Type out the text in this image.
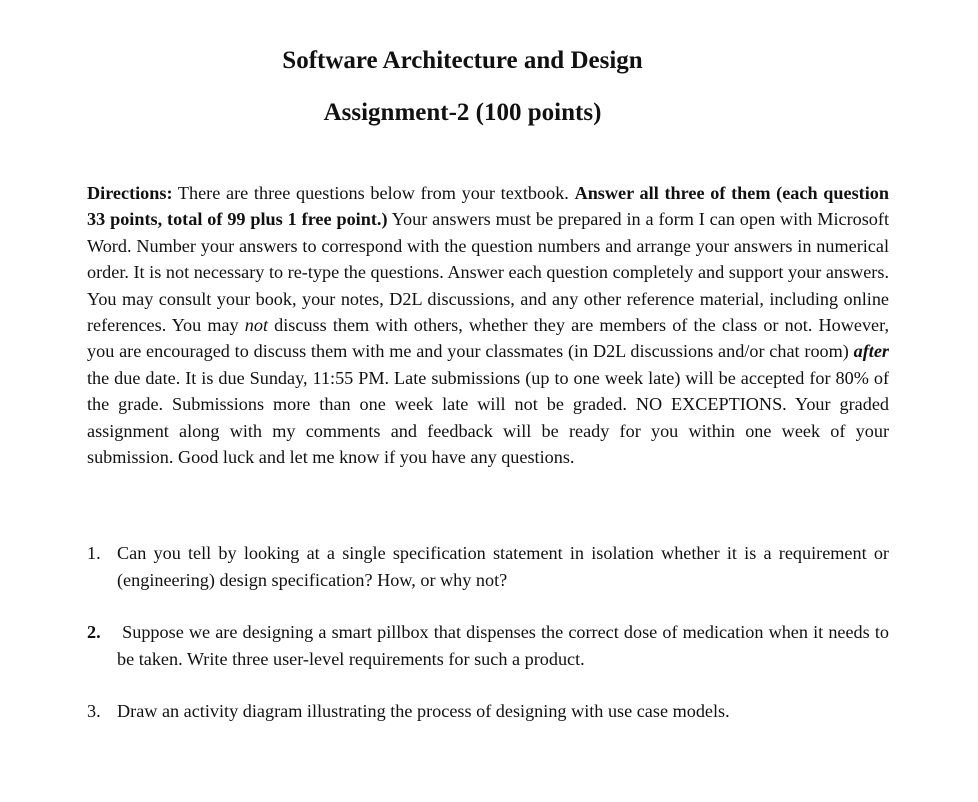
Software Architecture and Design
Assignment-2 (100 points)

Directions: There are three questions below from your textbook. Answer all three of them (each question 33 points, total of 99 plus 1 free point.) Your answers must be prepared in a form I can open with Microsoft Word. Number your answers to correspond with the question numbers and arrange your answers in numerical order. It is not necessary to re-type the questions. Answer each question completely and support your answers. You may consult your book, your notes, D2L discussions, and any other reference material, including online references. You may not discuss them with others, whether they are members of the class or not. However, you are encouraged to discuss them with me and your classmates (in D2L discussions and/or chat room) after the due date. It is due Sunday, 11:55 PM. Late submissions (up to one week late) will be accepted for 80% of the grade. Submissions more than one week late will not be graded. NO EXCEPTIONS. Your graded assignment along with my comments and feedback will be ready for you within one week of your submission. Good luck and let me know if you have any questions.

1. Can you tell by looking at a single specification statement in isolation whether it is a requirement or (engineering) design specification? How, or why not?
2. Suppose we are designing a smart pillbox that dispenses the correct dose of medication when it needs to be taken. Write three user-level requirements for such a product.
3. Draw an activity diagram illustrating the process of designing with use case models.
